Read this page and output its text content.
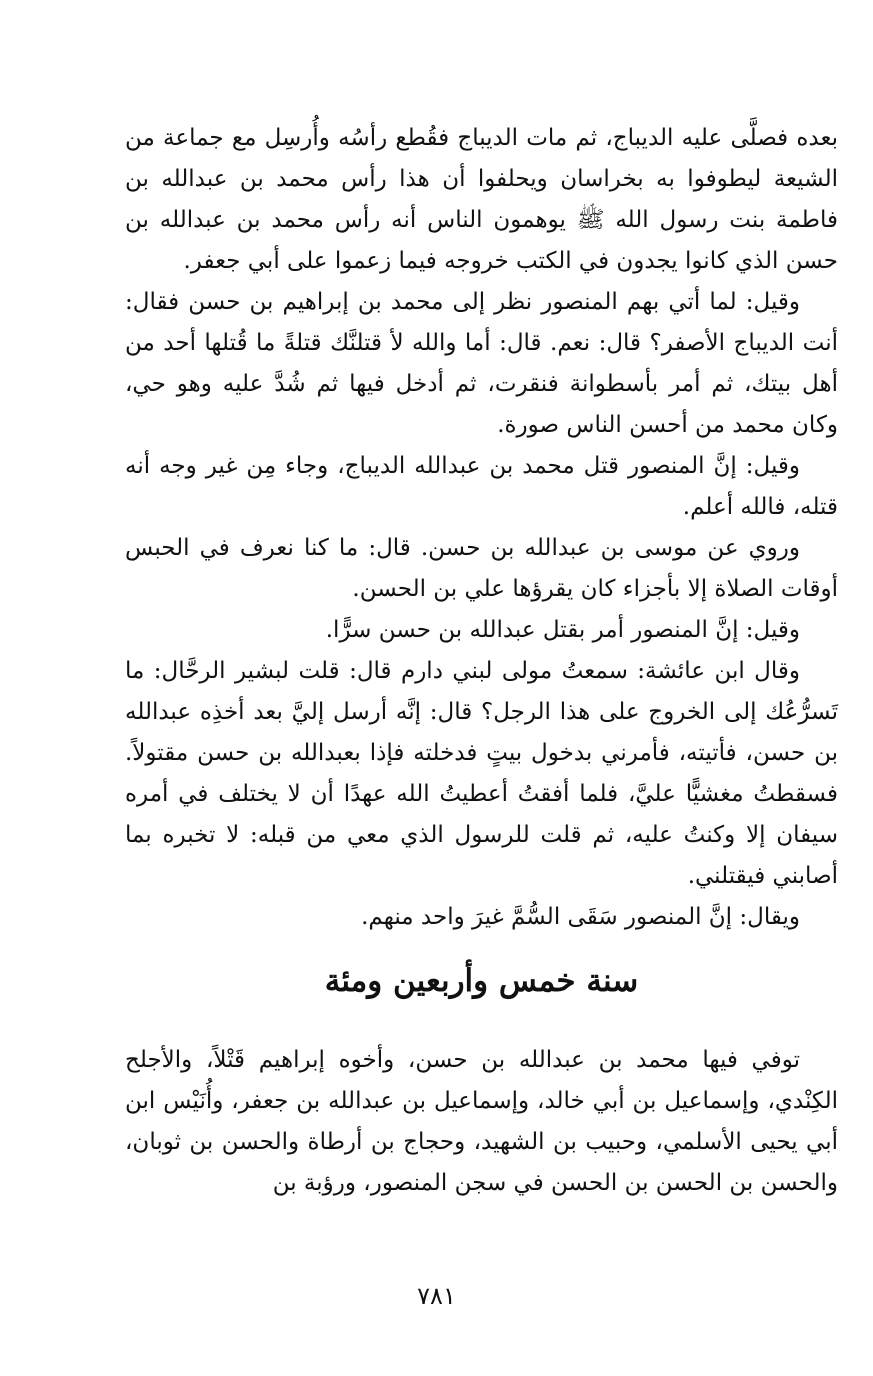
بعده فصلَّى عليه الديباج، ثم مات الديباج فقُطع رأسُه وأُرسِل مع جماعة من الشيعة ليطوفوا به بخراسان ويحلفوا أن هذا رأس محمد بن عبدالله بن فاطمة بنت رسول الله ﷺ يوهمون الناس أنه رأس محمد بن عبدالله بن حسن الذي كانوا يجدون في الكتب خروجه فيما زعموا على أبي جعفر.

وقيل: لما أتي بهم المنصور نظر إلى محمد بن إبراهيم بن حسن فقال: أنت الديباج الأصفر؟ قال: نعم. قال: أما والله لأ قتلنَّك قتلةً ما قُتلها أحد من أهل بيتك، ثم أمر بأسطوانة فنقرت، ثم أدخل فيها ثم شُدَّ عليه وهو حي، وكان محمد من أحسن الناس صورة.

وقيل: إنَّ المنصور قتل محمد بن عبدالله الديباج، وجاء مِن غير وجه أنه قتله، فالله أعلم.

وروي عن موسى بن عبدالله بن حسن. قال: ما كنا نعرف في الحبس أوقات الصلاة إلا بأجزاء كان يقرؤها علي بن الحسن.

وقيل: إنَّ المنصور أمر بقتل عبدالله بن حسن سرًّا.

وقال ابن عائشة: سمعتُ مولى لبني دارم قال: قلت لبشير الرحَّال: ما تَسرُّعُك إلى الخروج على هذا الرجل؟ قال: إنَّه أرسل إليَّ بعد أخذِه عبدالله بن حسن، فأتيته، فأمرني بدخول بيتٍ فدخلته فإذا بعبدالله بن حسن مقتولاً. فسقطتُ مغشيًّا عليَّ، فلما أفقتُ أعطيتُ الله عهدًا أن لا يختلف في أمره سيفان إلا وكنتُ عليه، ثم قلت للرسول الذي معي من قبله: لا تخبره بما أصابني فيقتلني.

ويقال: إنَّ المنصور سَقَى السُّمَّ غيرَ واحد منهم.

سنة خمس وأربعين ومئة

توفي فيها محمد بن عبدالله بن حسن، وأخوه إبراهيم قَتْلاً، والأجلح الكِنْدي، وإسماعيل بن أبي خالد، وإسماعيل بن عبدالله بن جعفر، وأُنَيْس ابن أبي يحيى الأسلمي، وحبيب بن الشهيد، وحجاج بن أرطاة والحسن بن ثوبان، والحسن بن الحسن بن الحسن في سجن المنصور، ورؤبة بن

٧٨١
